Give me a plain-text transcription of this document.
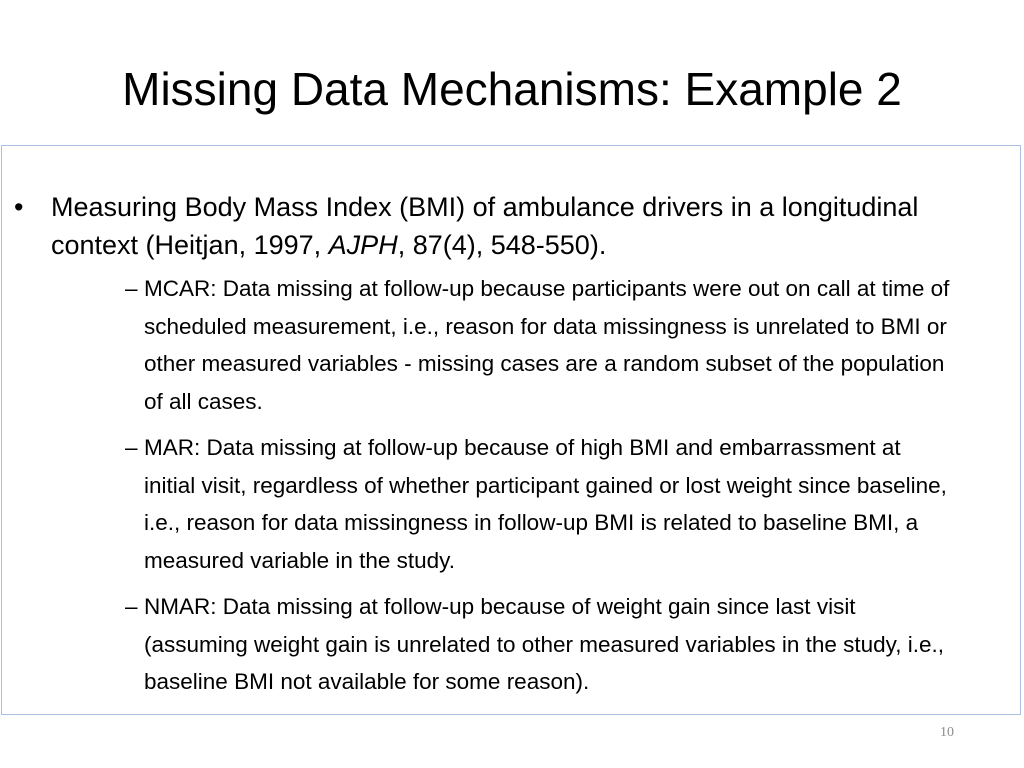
Missing Data Mechanisms: Example 2
• Measuring Body Mass Index (BMI) of ambulance drivers in a longitudinal context (Heitjan, 1997, AJPH, 87(4), 548-550).
– MCAR: Data missing at follow-up because participants were out on call at time of scheduled measurement, i.e., reason for data missingness is unrelated to BMI or other measured variables - missing cases are a random subset of the population of all cases.
– MAR: Data missing at follow-up because of high BMI and embarrassment at initial visit, regardless of whether participant gained or lost weight since baseline, i.e., reason for data missingness in follow-up BMI is related to baseline BMI, a measured variable in the study.
– NMAR: Data missing at follow-up because of weight gain since last visit (assuming weight gain is unrelated to other measured variables in the study, i.e., baseline BMI not available for some reason).
10
